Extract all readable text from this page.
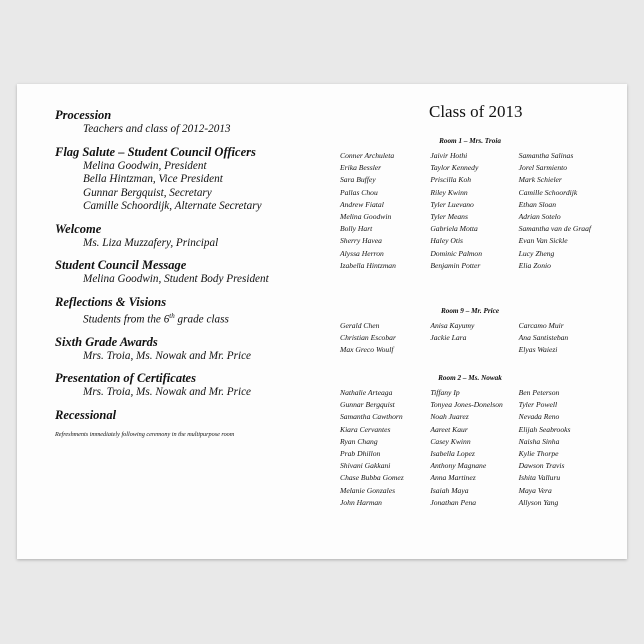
Procession

Teachers and class of 2012-2013

Flag Salute – Student Council Officers

Melina Goodwin, President

Bella Hintzman, Vice President

Gunnar Bergquist, Secretary

Camille Schoordijk, Alternate Secretary

Welcome

Ms. Liza Muzzafery, Principal

Student Council Message

Melina Goodwin, Student Body President

Reflections & Visions

Students from the 6th grade class

Sixth Grade Awards

Mrs. Troia, Ms. Nowak and Mr. Price

Presentation of Certificates

Mrs. Troia, Ms. Nowak and Mr. Price

Recessional

Refreshments immediately following ceremony in the multipurpose room
Class of 2013
Room 1 – Mrs. Troia
Conner Archuleta
Erika Bessler
Sara Buffey
Pallas Chou
Andrew Fiatal
Melina Goodwin
Bolly Hart
Sherry Havea
Alyssa Herron
Izabella Hintzman
Jaivir Hothi
Taylor Kennedy
Priscilla Koh
Riley Kwinn
Tyler Luevano
Tyler Means
Gabriela Motta
Haley Otis
Dominic Palmon
Benjamin Potter
Samantha Salinas
Jorel Sarmiento
Mark Schieler
Camille Schoordijk
Ethan Sloan
Adrian Sotelo
Samantha van de Graaf
Evan Van Sickle
Lucy Zheng
Elia Zonio
Room 9 – Mr. Price
Gerald Chen
Christian Escobar
Max Greco Woulf
Anisa Kayumy
Jackie Lara
Carcamo Muir
Ana Santisteban
Elyas Waiezi
Room 2 – Ms. Nowak
Nathalie Arteaga
Gunnar Bergquist
Samantha Cawthorn
Kiara Cervantes
Ryan Chang
Prab Dhillon
Shivani Gakkani
Chase Bubba Gomez
Melanie Gonzales
John Harman
Tiffany Ip
Tonyea Jones-Donelson
Noah Juarez
Aareet Kaur
Casey Kwinn
Isabella Lopez
Anthony Magnane
Anna Martinez
Isaiah Maya
Jonathan Pena
Ben Peterson
Tyler Powell
Nevada Reno
Elijah Seabrooks
Naisha Sinha
Kylie Thorpe
Dawson Travis
Ishita Valluru
Maya Vera
Allyson Yang
